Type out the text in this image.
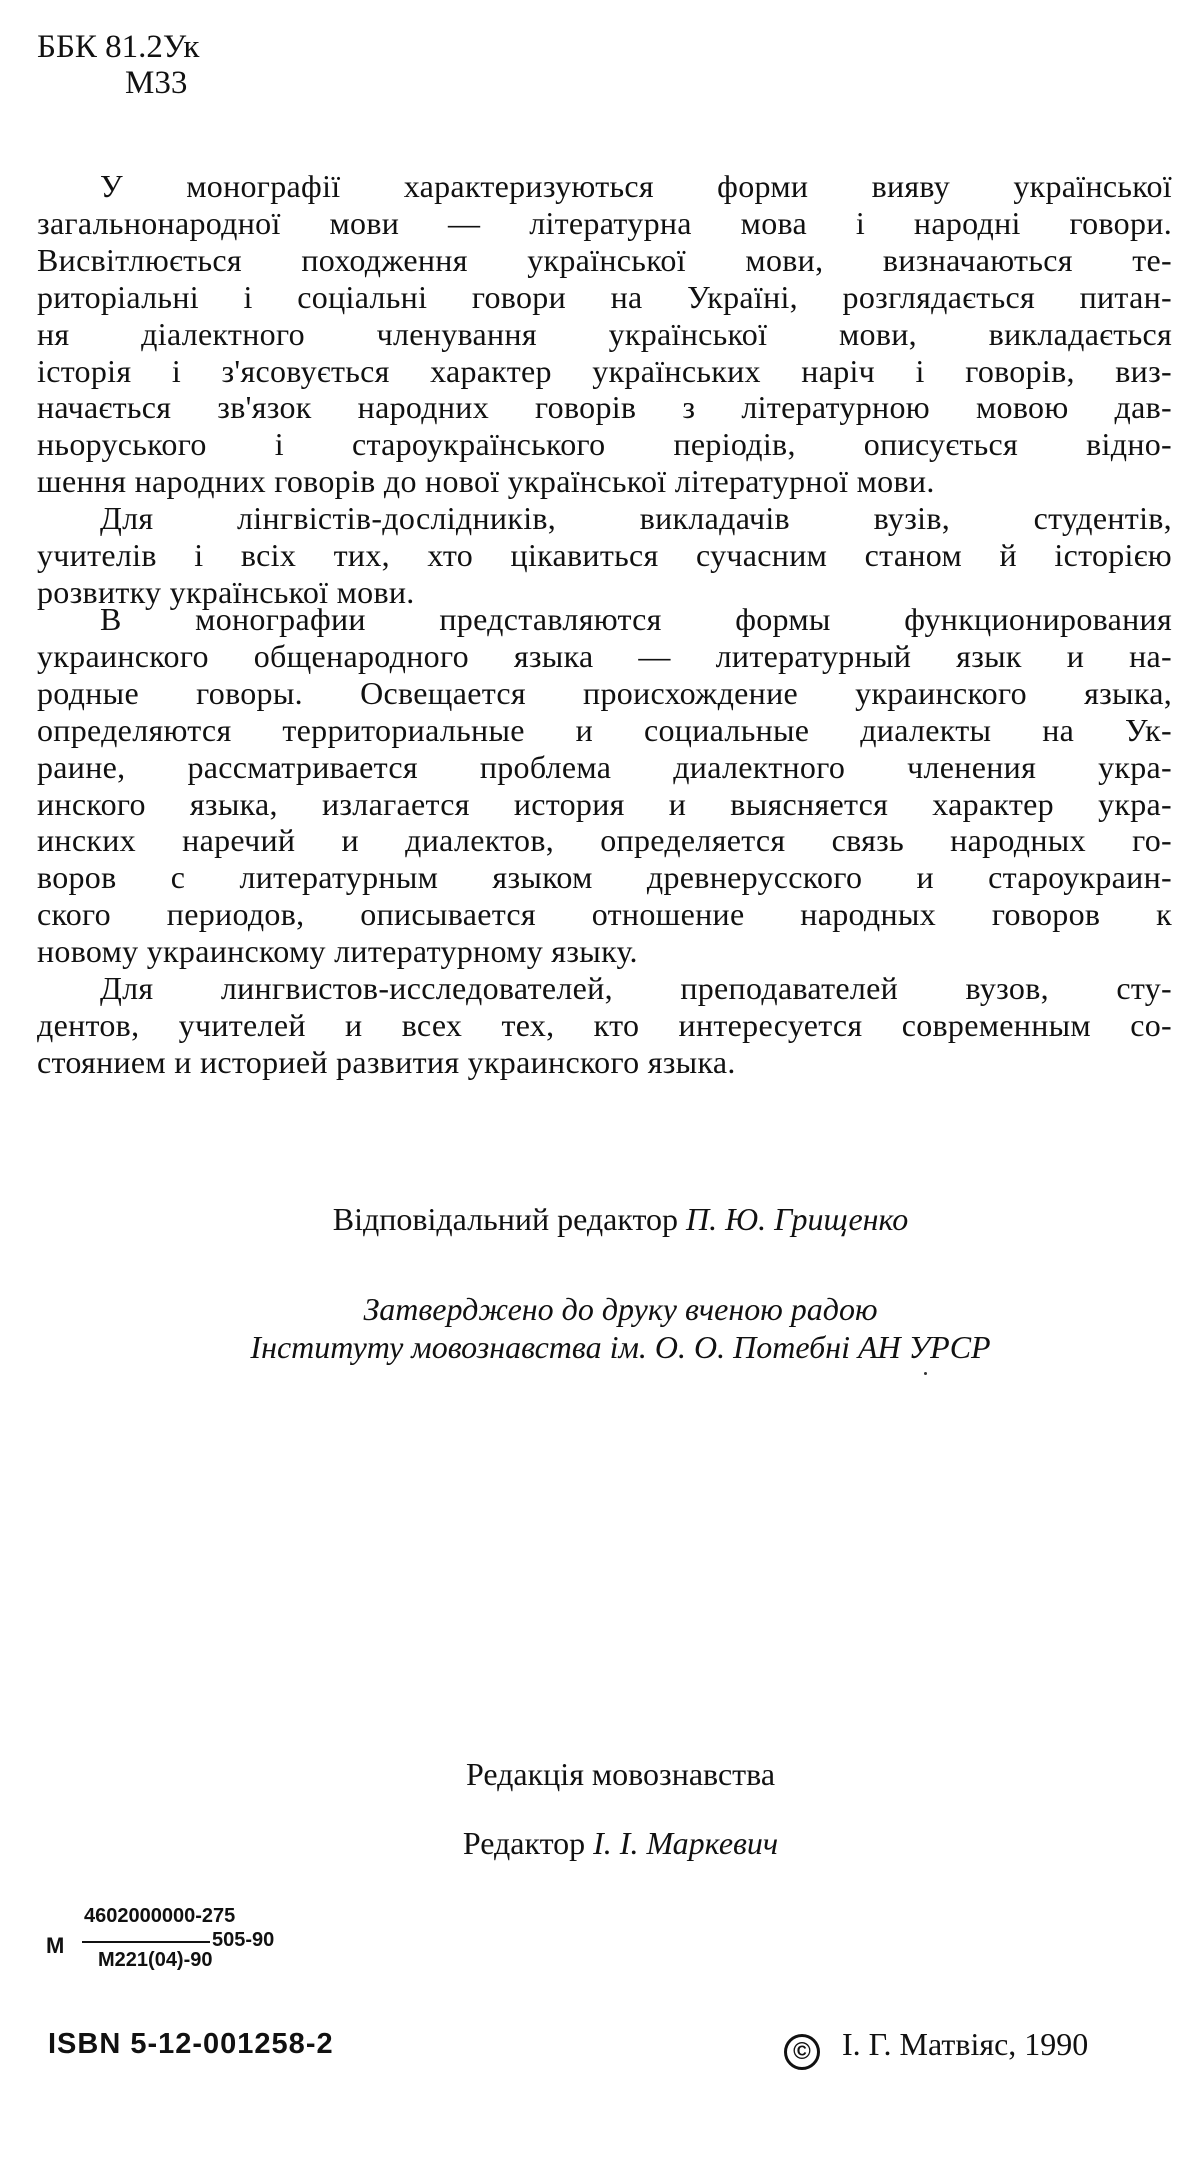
ББК 81.2Ук
М33
У монографії характеризуються форми вияву української
загальнонародної мови — літературна мова і народні говори.
Висвітлюється походження української мови, визначаються те-
риторіальні і соціальні говори на Україні, розглядається питан-
ня діалектного членування української мови, викладається
історія і з'ясовується характер українських наріч і говорів, виз-
начається зв'язок народних говорів з літературною мовою дав-
ньоруського і староукраїнського періодів, описується відно-
шення народних говорів до нової української літературної мови.
Для лінгвістів-дослідників, викладачів вузів, студентів,
учителів і всіх тих, хто цікавиться сучасним станом й історією
розвитку української мови.
В монографии представляются формы функционирования
украинского общенародного языка — литературный язык и на-
родные говоры. Освещается происхождение украинского языка,
определяются территориальные и социальные диалекты на Ук-
раине, рассматривается проблема диалектного членения укра-
инского языка, излагается история и выясняется характер укра-
инских наречий и диалектов, определяется связь народных го-
воров с литературным языком древнерусского и староукраин-
ского периодов, описывается отношение народных говоров к
новому украинскому литературному языку.
Для лингвистов-исследователей, преподавателей вузов, сту-
дентов, учителей и всех тех, кто интересуется современным со-
стоянием и историей развития украинского языка.
Відповідальний редактор П. Ю. Грищенко
Затверджено до друку вченою радою
Інституту мовознавства ім. О. О. Потебні АН УРСР
Редакція мовознавства
Редактор І. І. Маркевич
М
4602000000-275
М221(04)-90
505-90
ISBN 5-12-001258-2	© І. Г. Матвіяс, 1990
